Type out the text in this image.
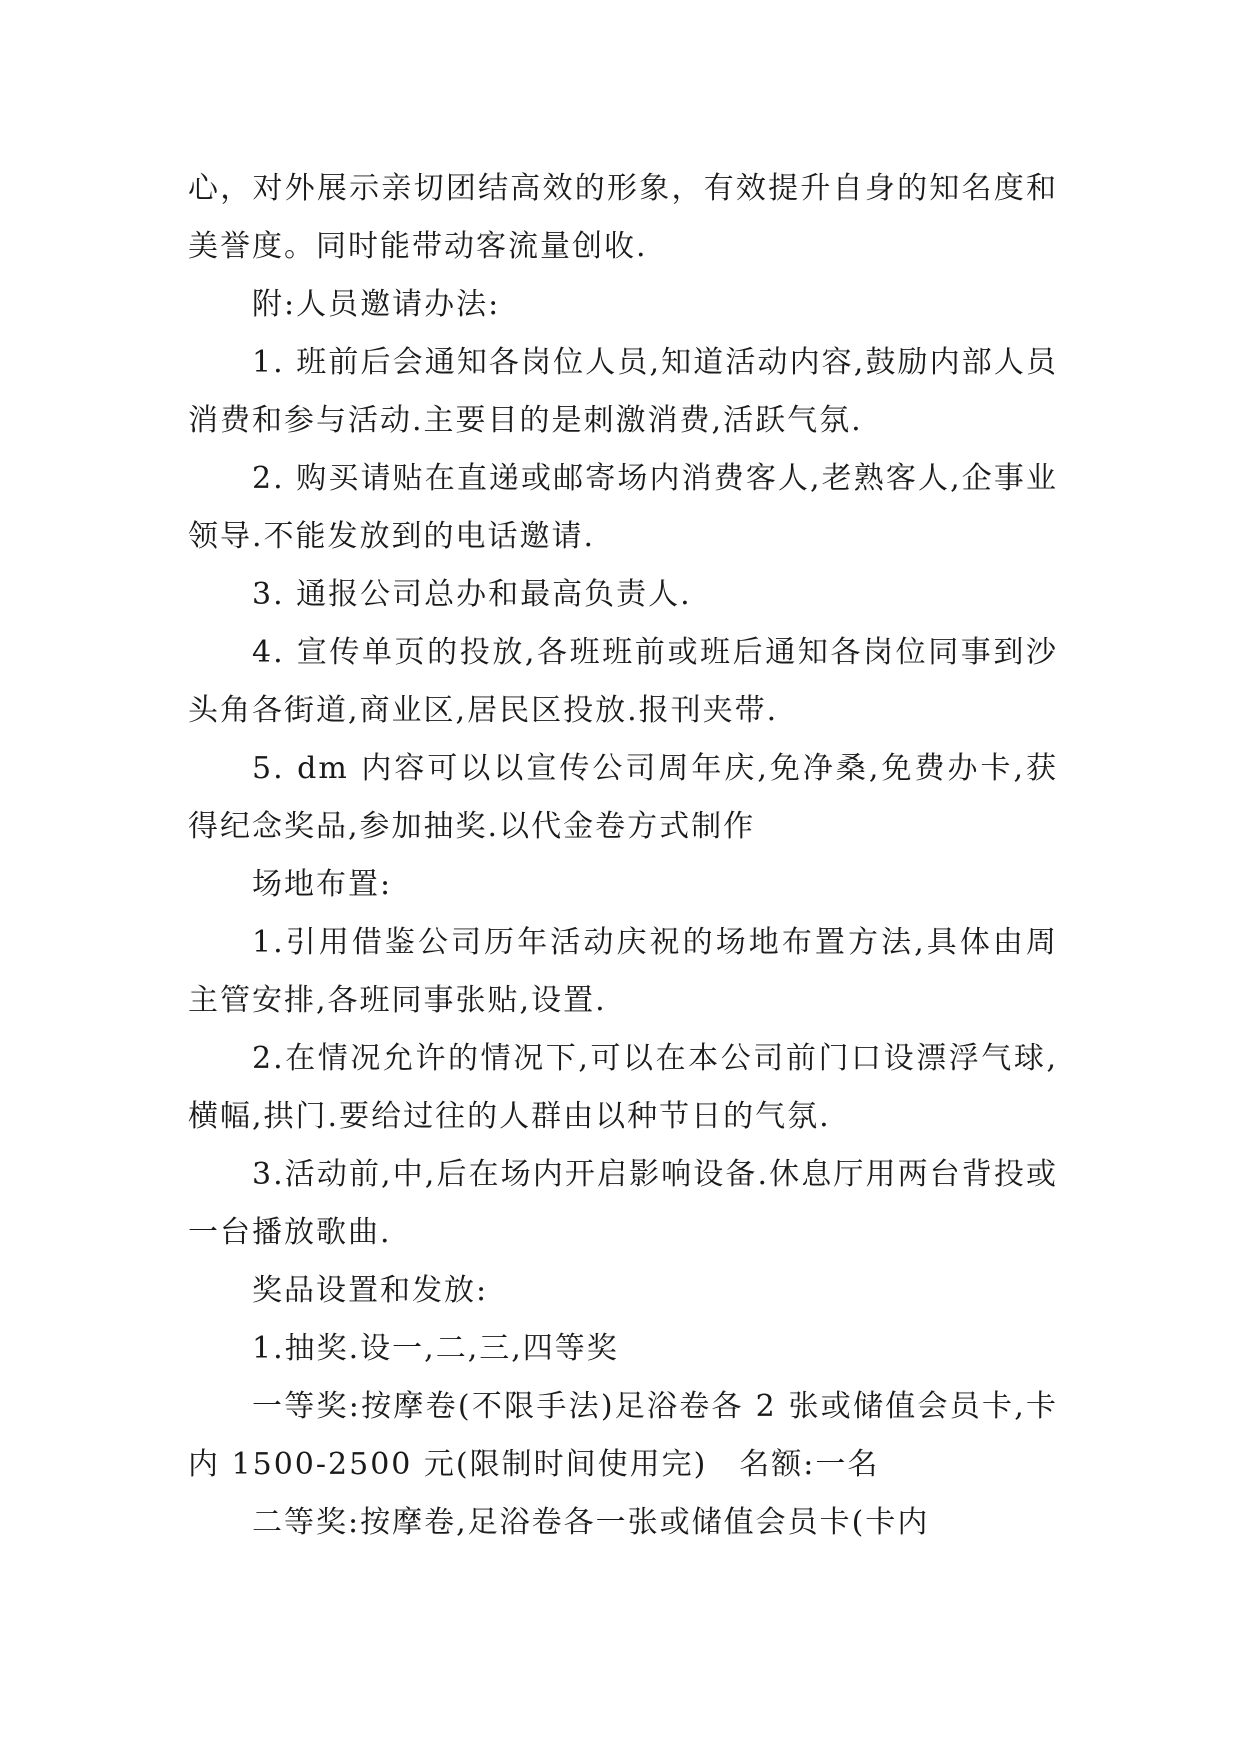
心，对外展示亲切团结高效的形象，有效提升自身的知名度和美誉度。同时能带动客流量创收.

附:人员邀请办法:

1. 班前后会通知各岗位人员,知道活动内容,鼓励内部人员消费和参与活动.主要目的是刺激消费,活跃气氛.

2. 购买请贴在直递或邮寄场内消费客人,老熟客人,企事业领导.不能发放到的电话邀请.

3. 通报公司总办和最高负责人.

4. 宣传单页的投放,各班班前或班后通知各岗位同事到沙头角各街道,商业区,居民区投放.报刊夹带.

5. dm 内容可以以宣传公司周年庆,免净桑,免费办卡,获得纪念奖品,参加抽奖.以代金卷方式制作

场地布置:

1.引用借鉴公司历年活动庆祝的场地布置方法,具体由周主管安排,各班同事张贴,设置.

2.在情况允许的情况下,可以在本公司前门口设漂浮气球,横幅,拱门.要给过往的人群由以种节日的气氛.

3.活动前,中,后在场内开启影响设备.休息厅用两台背投或一台播放歌曲.

奖品设置和发放:

1.抽奖.设一,二,三,四等奖

一等奖:按摩卷(不限手法)足浴卷各 2 张或储值会员卡,卡内 1500-2500 元(限制时间使用完)　名额:一名

二等奖:按摩卷,足浴卷各一张或储值会员卡(卡内
